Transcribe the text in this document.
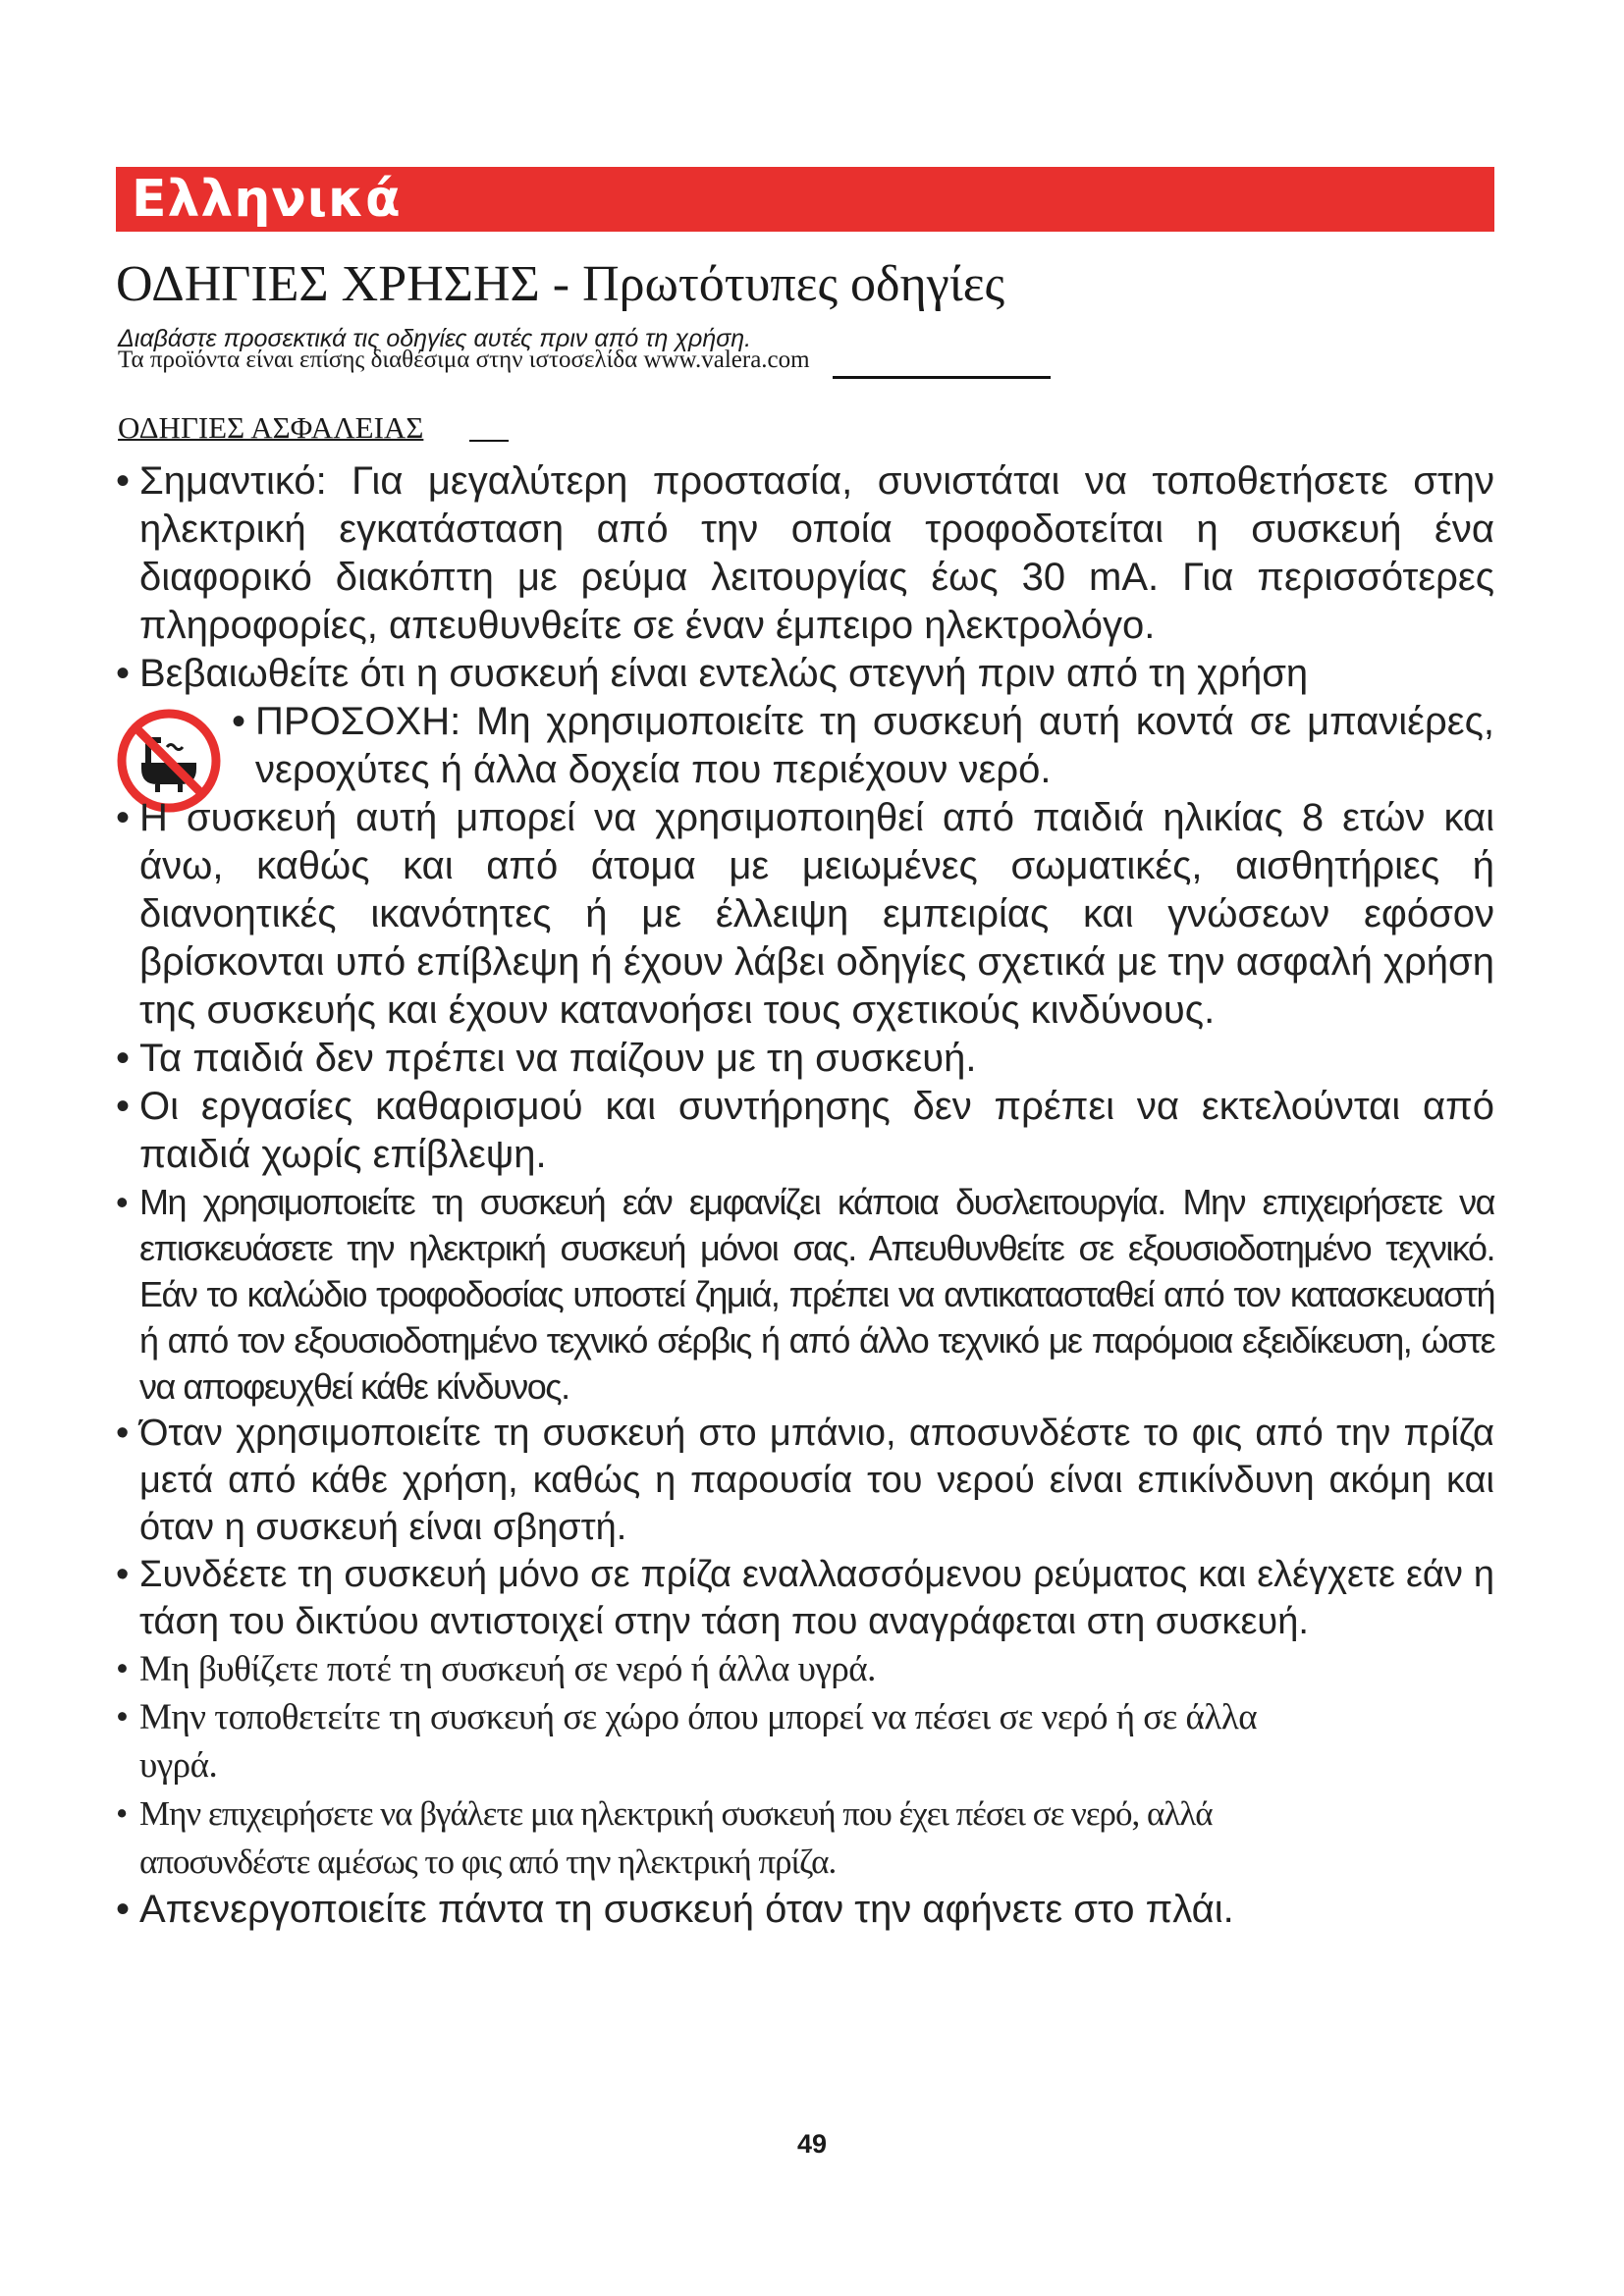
Ελληνικά
ΟΔΗΓΙΕΣ ΧΡΗΣΗΣ - Πρωτότυπες οδηγίες
Διαβάστε προσεκτικά τις οδηγίες αυτές πριν από τη χρήση.
Τα προϊόντα είναι επίσης διαθέσιμα στην ιστοσελίδα www.valera.com
ΟΔΗΓΙΕΣ ΑΣΦΑΛΕΙΑΣ

• Σημαντικό: Για μεγαλύτερη προστασία, συνιστάται να τοποθετήσετε στην ηλεκτρική εγκατάσταση από την οποία τροφοδοτείται η συσκευή ένα διαφορικό διακόπτη με ρεύμα λειτουργίας έως 30 mA. Για περισσότερες πληροφορίες, απευθυνθείτε σε έναν έμπειρο ηλεκτρολόγο.

• Βεβαιωθείτε ότι η συσκευή είναι εντελώς στεγνή πριν από τη χρήση

• ΠΡΟΣΟΧΗ: Μη χρησιμοποιείτε τη συσκευή αυτή κοντά σε μπανιέρες, νεροχύτες ή άλλα δοχεία που περιέχουν νερό.

• Η συσκευή αυτή μπορεί να χρησιμοποιηθεί από παιδιά ηλικίας 8 ετών και άνω, καθώς και από άτομα με μειωμένες σωματικές, αισθητήριες ή διανοητικές ικανότητες ή με έλλειψη εμπειρίας και γνώσεων εφόσον βρίσκονται υπό επίβλεψη ή έχουν λάβει οδηγίες σχετικά με την ασφαλή χρήση της συσκευής και έχουν κατανοήσει τους σχετικούς κινδύνους.

• Τα παιδιά δεν πρέπει να παίζουν με τη συσκευή.

• Οι εργασίες καθαρισμού και συντήρησης δεν πρέπει να εκτελούνται από παιδιά χωρίς επίβλεψη.

• Μη χρησιμοποιείτε τη συσκευή εάν εμφανίζει κάποια δυσλειτουργία. Μην επιχειρήσετε να επισκευάσετε την ηλεκτρική συσκευή μόνοι σας. Απευθυνθείτε σε εξουσιοδοτημένο τεχνικό. Εάν το καλώδιο τροφοδοσίας υποστεί ζημιά, πρέπει να αντικατασταθεί από τον κατασκευαστή ή από τον εξουσιοδοτημένο τεχνικό σέρβις ή από άλλο τεχνικό με παρόμοια εξειδίκευση, ώστε να αποφευχθεί κάθε κίνδυνος.

• Όταν χρησιμοποιείτε τη συσκευή στο μπάνιο, αποσυνδέστε το φις από την πρίζα μετά από κάθε χρήση, καθώς η παρουσία του νερού είναι επικίνδυνη ακόμη και όταν η συσκευή είναι σβηστή.

• Συνδέετε τη συσκευή μόνο σε πρίζα εναλλασσόμενου ρεύματος και ελέγχετε εάν η τάση του δικτύου αντιστοιχεί στην τάση που αναγράφεται στη συσκευή.

• Μη βυθίζετε ποτέ τη συσκευή σε νερό ή άλλα υγρά.

• Μην τοποθετείτε τη συσκευή σε χώρο όπου μπορεί να πέσει σε νερό ή σε άλλα υγρά.

• Μην επιχειρήσετε να βγάλετε μια ηλεκτρική συσκευή που έχει πέσει σε νερό, αλλά αποσυνδέστε αμέσως το φις από την ηλεκτρική πρίζα.

• Απενεργοποιείτε πάντα τη συσκευή όταν την αφήνετε στο πλάι.

49
